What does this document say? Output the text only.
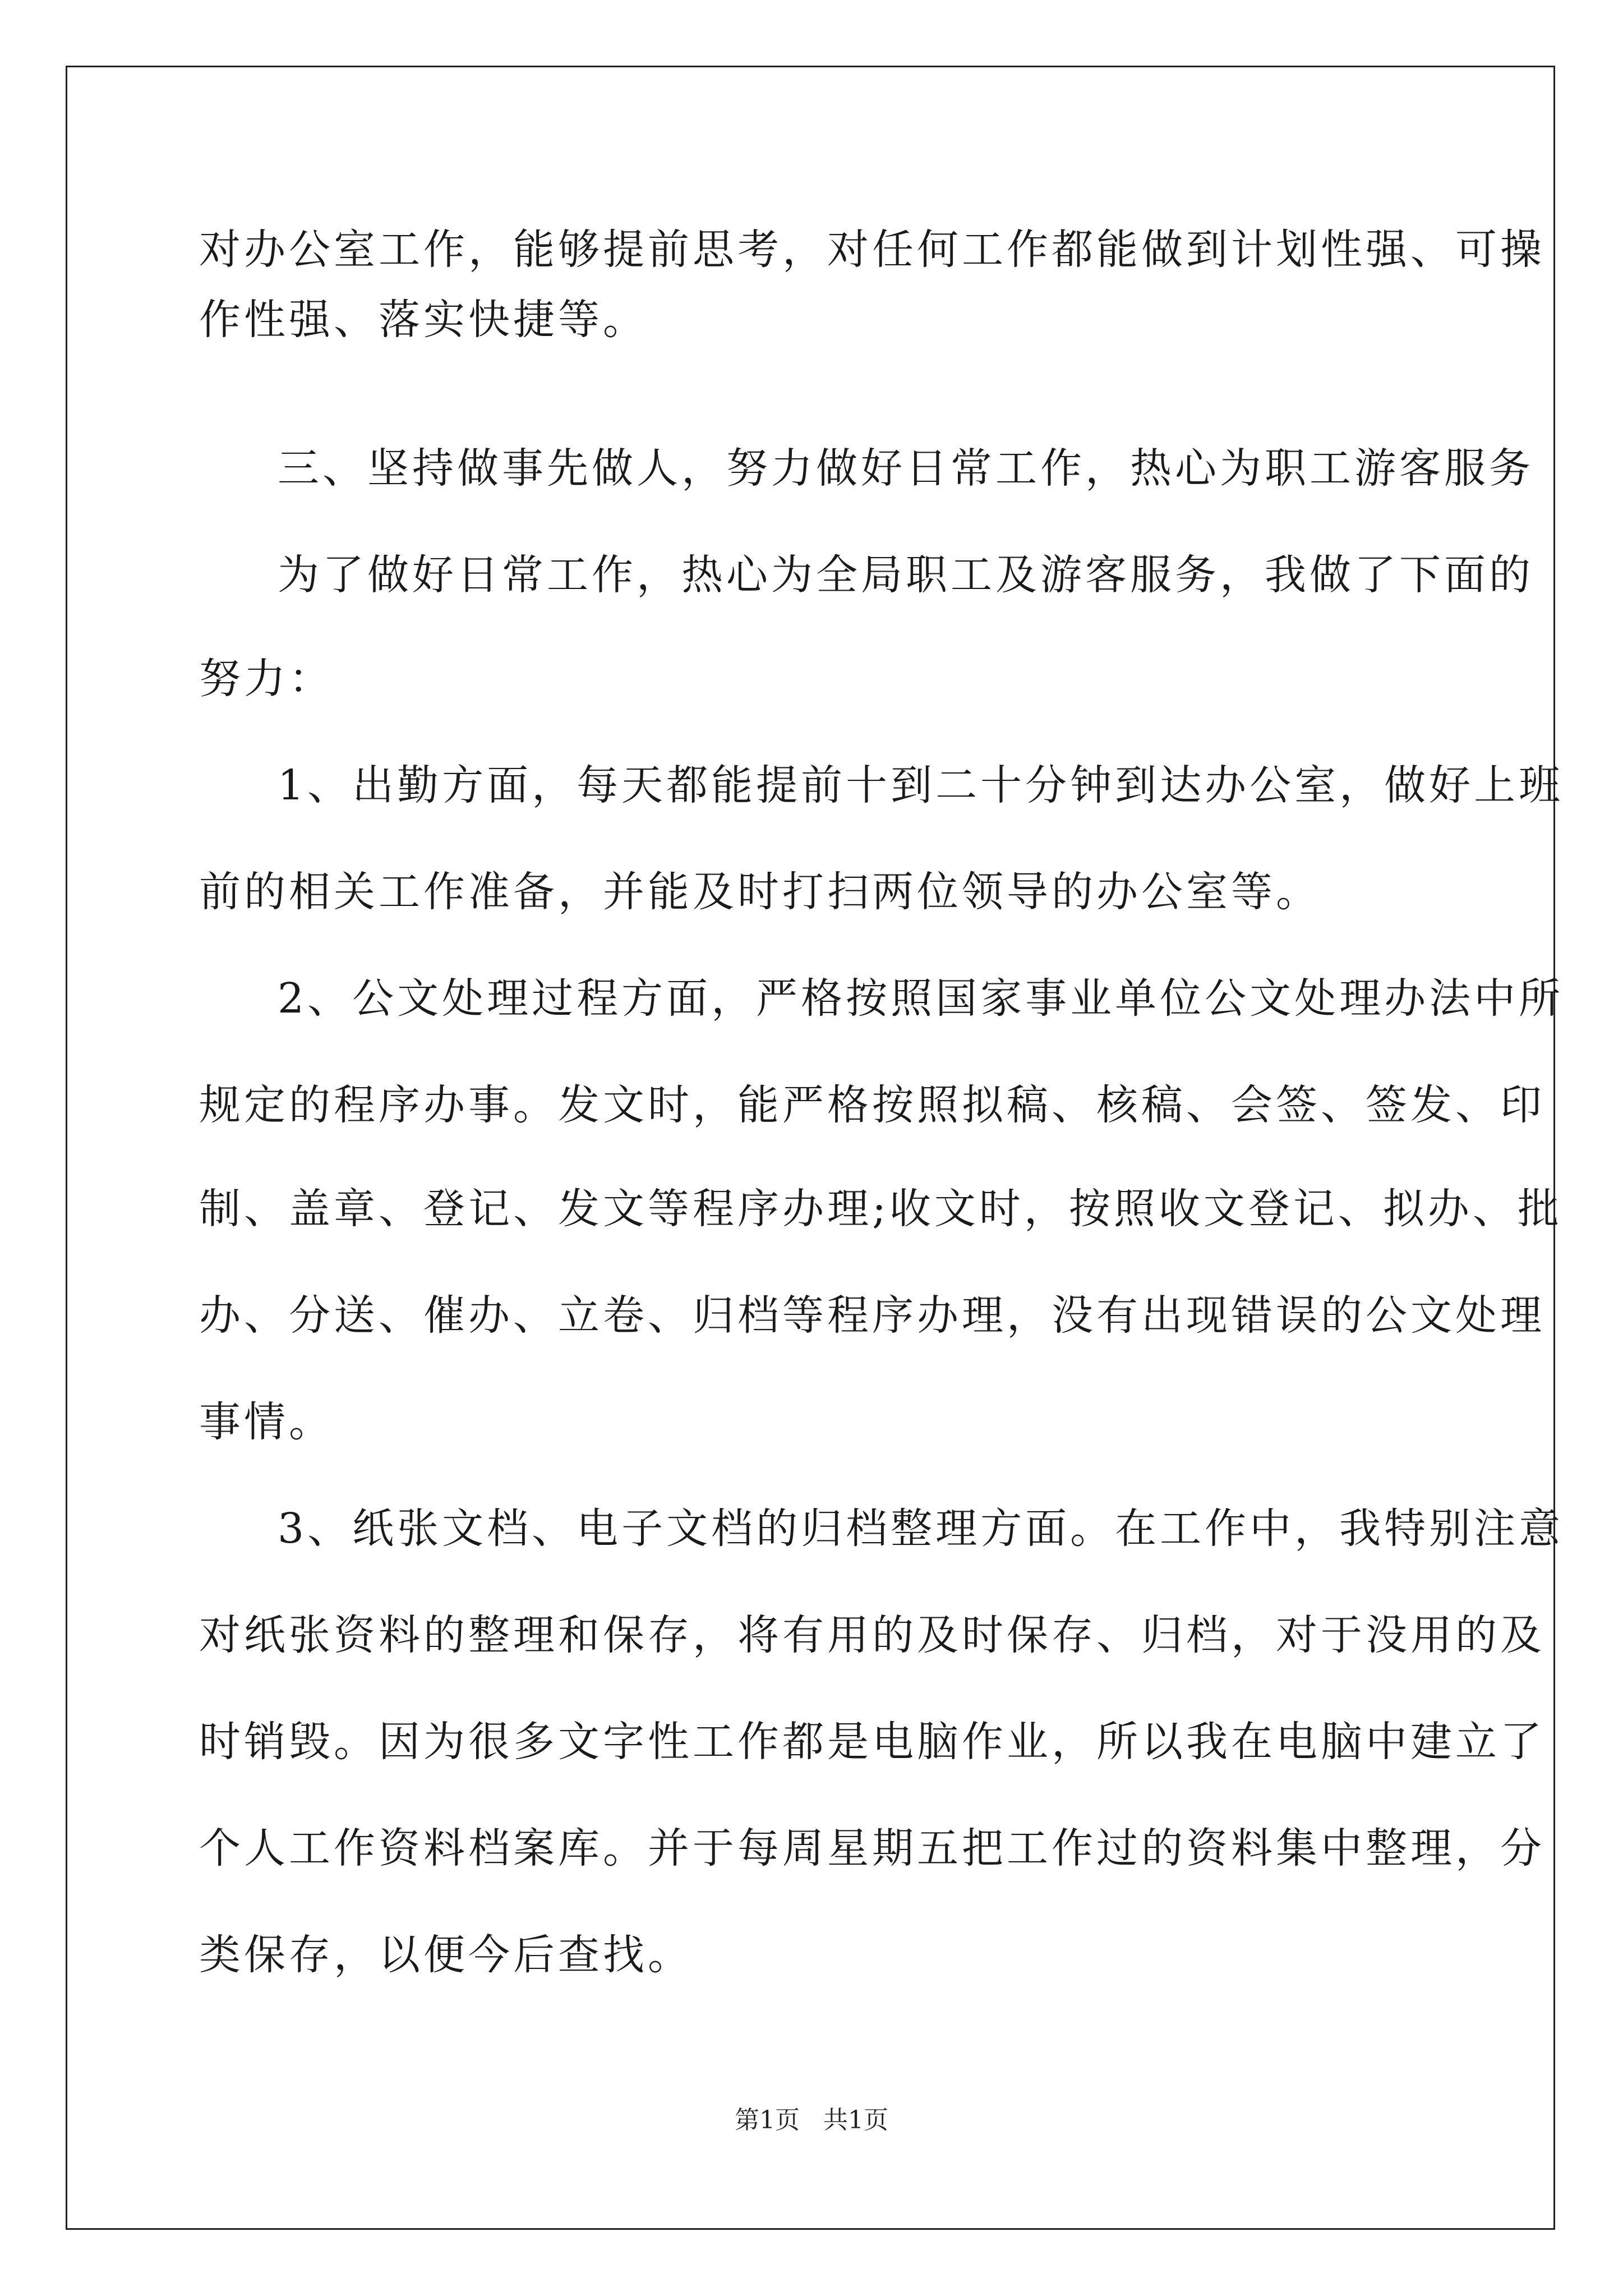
对办公室工作，能够提前思考，对任何工作都能做到计划性强、可操
作性强、落实快捷等。
三、坚持做事先做人，努力做好日常工作，热心为职工游客服务
为了做好日常工作，热心为全局职工及游客服务，我做了下面的
努力：
1、出勤方面，每天都能提前十到二十分钟到达办公室，做好上班
前的相关工作准备，并能及时打扫两位领导的办公室等。
2、公文处理过程方面，严格按照国家事业单位公文处理办法中所
规定的程序办事。发文时，能严格按照拟稿、核稿、会签、签发、印
制、盖章、登记、发文等程序办理;收文时，按照收文登记、拟办、批
办、分送、催办、立卷、归档等程序办理，没有出现错误的公文处理
事情。
3、纸张文档、电子文档的归档整理方面。在工作中，我特别注意
对纸张资料的整理和保存，将有用的及时保存、归档，对于没用的及
时销毁。因为很多文字性工作都是电脑作业，所以我在电脑中建立了
个人工作资料档案库。并于每周星期五把工作过的资料集中整理，分
类保存，以便今后查找。
第1页 共1页
